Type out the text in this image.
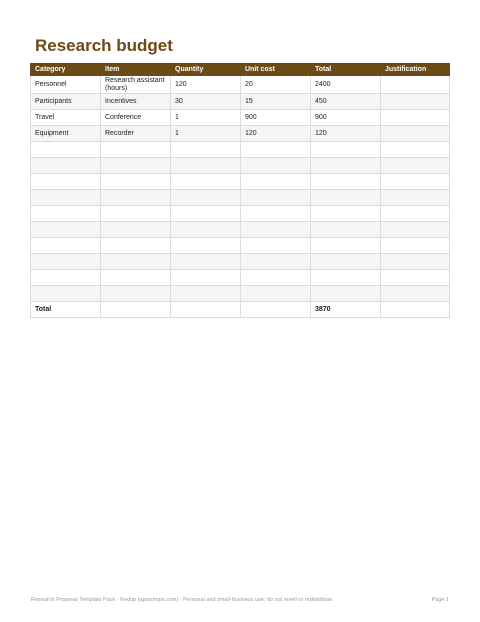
Research budget
Category	Item	Quantity	Unit cost	Total	Justification
Personnel	Research assistant (hours)	120	20	2400	
Participants	Incentives	30	15	450	
Travel	Conference	1	900	900	
Equipment	Recorder	1	120	120	

Total				3870	
Research Proposal Template Pack · Kedop (apnishops.com) · Personal and small-business use; do not resell or redistribute.	Page 1
